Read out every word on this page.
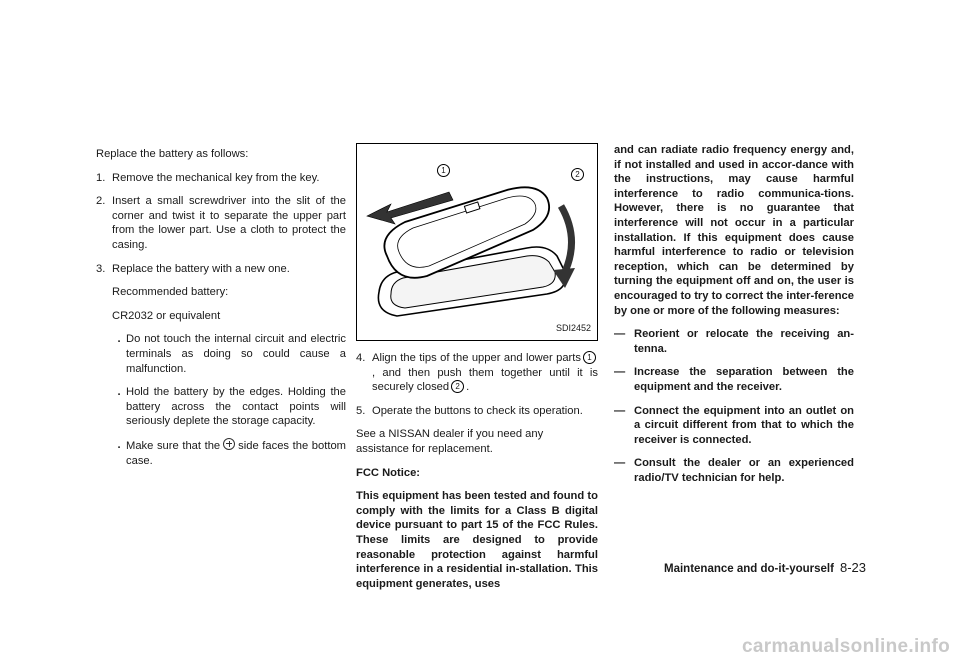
Replace the battery as follows:

1. Remove the mechanical key from the key.
2. Insert a small screwdriver into the slit of the corner and twist it to separate the upper part from the lower part. Use a cloth to protect the casing.
3. Replace the battery with a new one.

Recommended battery:

CR2032 or equivalent

. Do not touch the internal circuit and electric terminals as doing so could cause a malfunction.
. Hold the battery by the edges. Holding the battery across the contact points will seriously deplete the storage capacity.
. Make sure that the side faces the bottom case.
1	2
SDI2452
4. Align the tips of the upper and lower parts 1, and then push them together until it is securely closed 2 .
5. Operate the buttons to check its operation.

See a NISSAN dealer if you need any assistance for replacement.

FCC Notice:

This equipment has been tested and found to comply with the limits for a Class B digital device pursuant to part 15 of the FCC Rules. These limits are designed to provide reasonable protection against harmful interference in a residential in-stallation. This equipment generates, uses

and can radiate radio frequency energy and, if not installed and used in accor-dance with the instructions, may cause harmful interference to radio communica-tions. However, there is no guarantee that interference will not occur in a particular installation. If this equipment does cause harmful interference to radio or television reception, which can be determined by turning the equipment off and on, the user is encouraged to try to correct the inter-ference by one or more of the following measures:

— Reorient or relocate the receiving an-tenna.
— Increase the separation between the equipment and the receiver.
— Connect the equipment into an outlet on a circuit different from that to which the receiver is connected.
— Consult the dealer or an experienced radio/TV technician for help.
Maintenance and do-it-yourself 8-23
carmanualsonline.info
